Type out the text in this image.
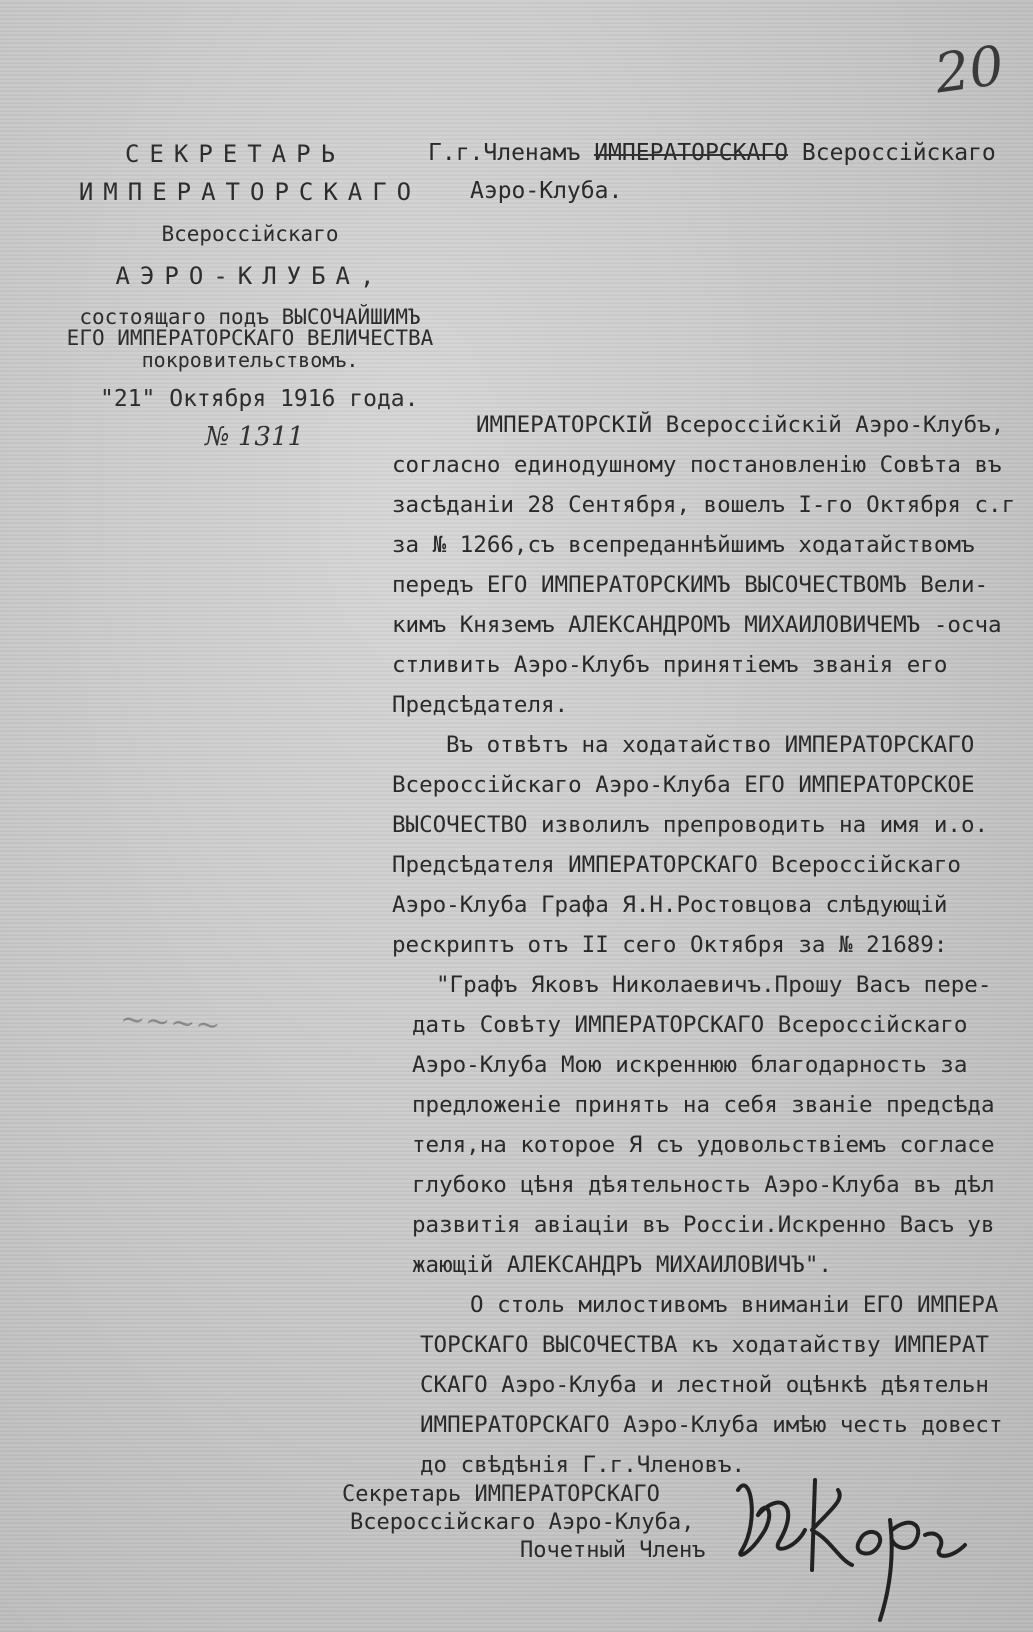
20
СЕКРЕТАРЬ
ИМПЕРАТОРСКАГО
Всероссійскаго
АЭРО-КЛУБА,
состоящаго подъ ВЫСОЧАЙШИМЪ
ЕГО ИМПЕРАТОРСКАГО ВЕЛИЧЕСТВА
покровительствомъ.
"21" Октября 1916 года.
№ 1311
Г.г.Членамъ ИМПЕРАТОРСКАГО Всероссійскаго
Аэро-Клуба.
~~~~
ИМПЕРАТОРСКІЙ Всероссійскій Аэро-Клубъ,
согласно единодушному постановленію Совѣта въ
засѣданіи 28 Сентября, вошелъ I-го Октября с.г
за № 1266,съ всепреданнѣйшимъ ходатайствомъ
передъ ЕГО ИМПЕРАТОРСКИМЪ ВЫСОЧЕСТВОМЪ Вели-
кимъ Княземъ АЛЕКСАНДРОМЪ МИХАИЛОВИЧЕМЪ -осча
стливить Аэро-Клубъ принятіемъ званія его
Предсѣдателя.
Въ отвѣтъ на ходатайство ИМПЕРАТОРСКАГО
Всероссійскаго Аэро-Клуба ЕГО ИМПЕРАТОРСКОЕ
ВЫСОЧЕСТВО изволилъ препроводить на имя и.о.
Предсѣдателя ИМПЕРАТОРСКАГО Всероссійскаго
Аэро-Клуба Графа Я.Н.Ростовцова слѣдующій
рескриптъ отъ II сего Октября за № 21689:
"Графъ Яковъ Николаевичъ.Прошу Васъ пере-
дать Совѣту ИМПЕРАТОРСКАГО Всероссійскаго
Аэро-Клуба Мою искреннюю благодарность за
предложеніе принять на себя званіе предсѣда
теля,на которое Я съ удовольствіемъ согласе
глубоко цѣня дѣятельность Аэро-Клуба въ дѣл
развитія авіаціи въ Россіи.Искренно Васъ ув
жающій АЛЕКСАНДРЪ МИХАИЛОВИЧЪ".
О столь милостивомъ вниманіи ЕГО ИМПЕРА
ТОРСКАГО ВЫСОЧЕСТВА къ ходатайству ИМПЕРАТ
СКАГО Аэро-Клуба и лестной оцѣнкѣ дѣятельн
ИМПЕРАТОРСКАГО Аэро-Клуба имѣю честь довест
до свѣдѣнія Г.г.Членовъ.
Секретарь ИМПЕРАТОРСКАГО
Всероссійскаго Аэро-Клуба,
Почетный Членъ
